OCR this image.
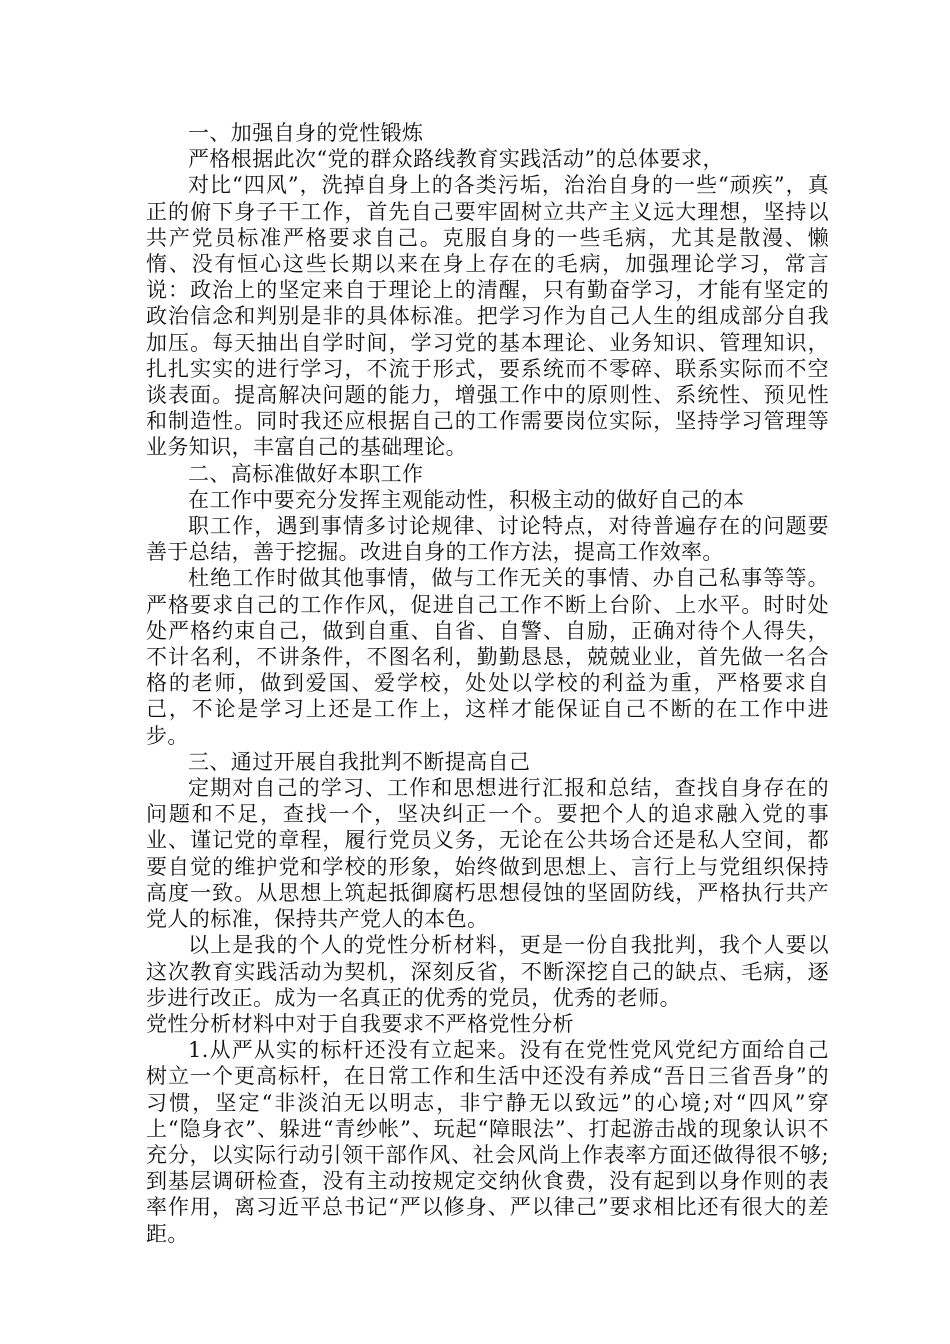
一、加强自身的党性锻炼

严格根据此次“党的群众路线教育实践活动”的总体要求，

对比“四风”，洗掉自身上的各类污垢，治治自身的一些“顽疾”，真正的俯下身子干工作，首先自己要牢固树立共产主义远大理想，坚持以共产党员标准严格要求自己。克服自身的一些毛病，尤其是散漫、懒惰、没有恒心这些长期以来在身上存在的毛病，加强理论学习，常言说：政治上的坚定来自于理论上的清醒，只有勤奋学习，才能有坚定的政治信念和判别是非的具体标准。把学习作为自己人生的组成部分自我加压。每天抽出自学时间，学习党的基本理论、业务知识、管理知识，扎扎实实的进行学习，不流于形式，要系统而不零碎、联系实际而不空谈表面。提高解决问题的能力，增强工作中的原则性、系统性、预见性和制造性。同时我还应根据自己的工作需要岗位实际，坚持学习管理等业务知识，丰富自己的基础理论。

二、高标准做好本职工作

在工作中要充分发挥主观能动性，积极主动的做好自己的本

职工作，遇到事情多讨论规律、讨论特点，对待普遍存在的问题要善于总结，善于挖掘。改进自身的工作方法，提高工作效率。

杜绝工作时做其他事情，做与工作无关的事情、办自己私事等等。严格要求自己的工作作风，促进自己工作不断上台阶、上水平。时时处处严格约束自己，做到自重、自省、自警、自励，正确对待个人得失，不计名利，不讲条件，不图名利，勤勤恳恳，兢兢业业，首先做一名合格的老师，做到爱国、爱学校，处处以学校的利益为重，严格要求自己，不论是学习上还是工作上，这样才能保证自己不断的在工作中进步。

三、通过开展自我批判不断提高自己

定期对自己的学习、工作和思想进行汇报和总结，查找自身存在的问题和不足，查找一个，坚决纠正一个。要把个人的追求融入党的事业、谨记党的章程，履行党员义务，无论在公共场合还是私人空间，都要自觉的维护党和学校的形象，始终做到思想上、言行上与党组织保持高度一致。从思想上筑起抵御腐朽思想侵蚀的坚固防线，严格执行共产党人的标准，保持共产党人的本色。

以上是我的个人的党性分析材料，更是一份自我批判，我个人要以这次教育实践活动为契机，深刻反省，不断深挖自己的缺点、毛病，逐步进行改正。成为一名真正的优秀的党员，优秀的老师。

党性分析材料中对于自我要求不严格党性分析

1.从严从实的标杆还没有立起来。没有在党性党风党纪方面给自己树立一个更高标杆，在日常工作和生活中还没有养成“吾日三省吾身”的习惯，坚定“非淡泊无以明志，非宁静无以致远”的心境;对“四风”穿上“隐身衣”、躲进“青纱帐”、玩起“障眼法”、打起游击战的现象认识不充分，以实际行动引领干部作风、社会风尚上作表率方面还做得很不够;到基层调研检查，没有主动按规定交纳伙食费，没有起到以身作则的表率作用，离习近平总书记“严以修身、严以律己”要求相比还有很大的差距。
